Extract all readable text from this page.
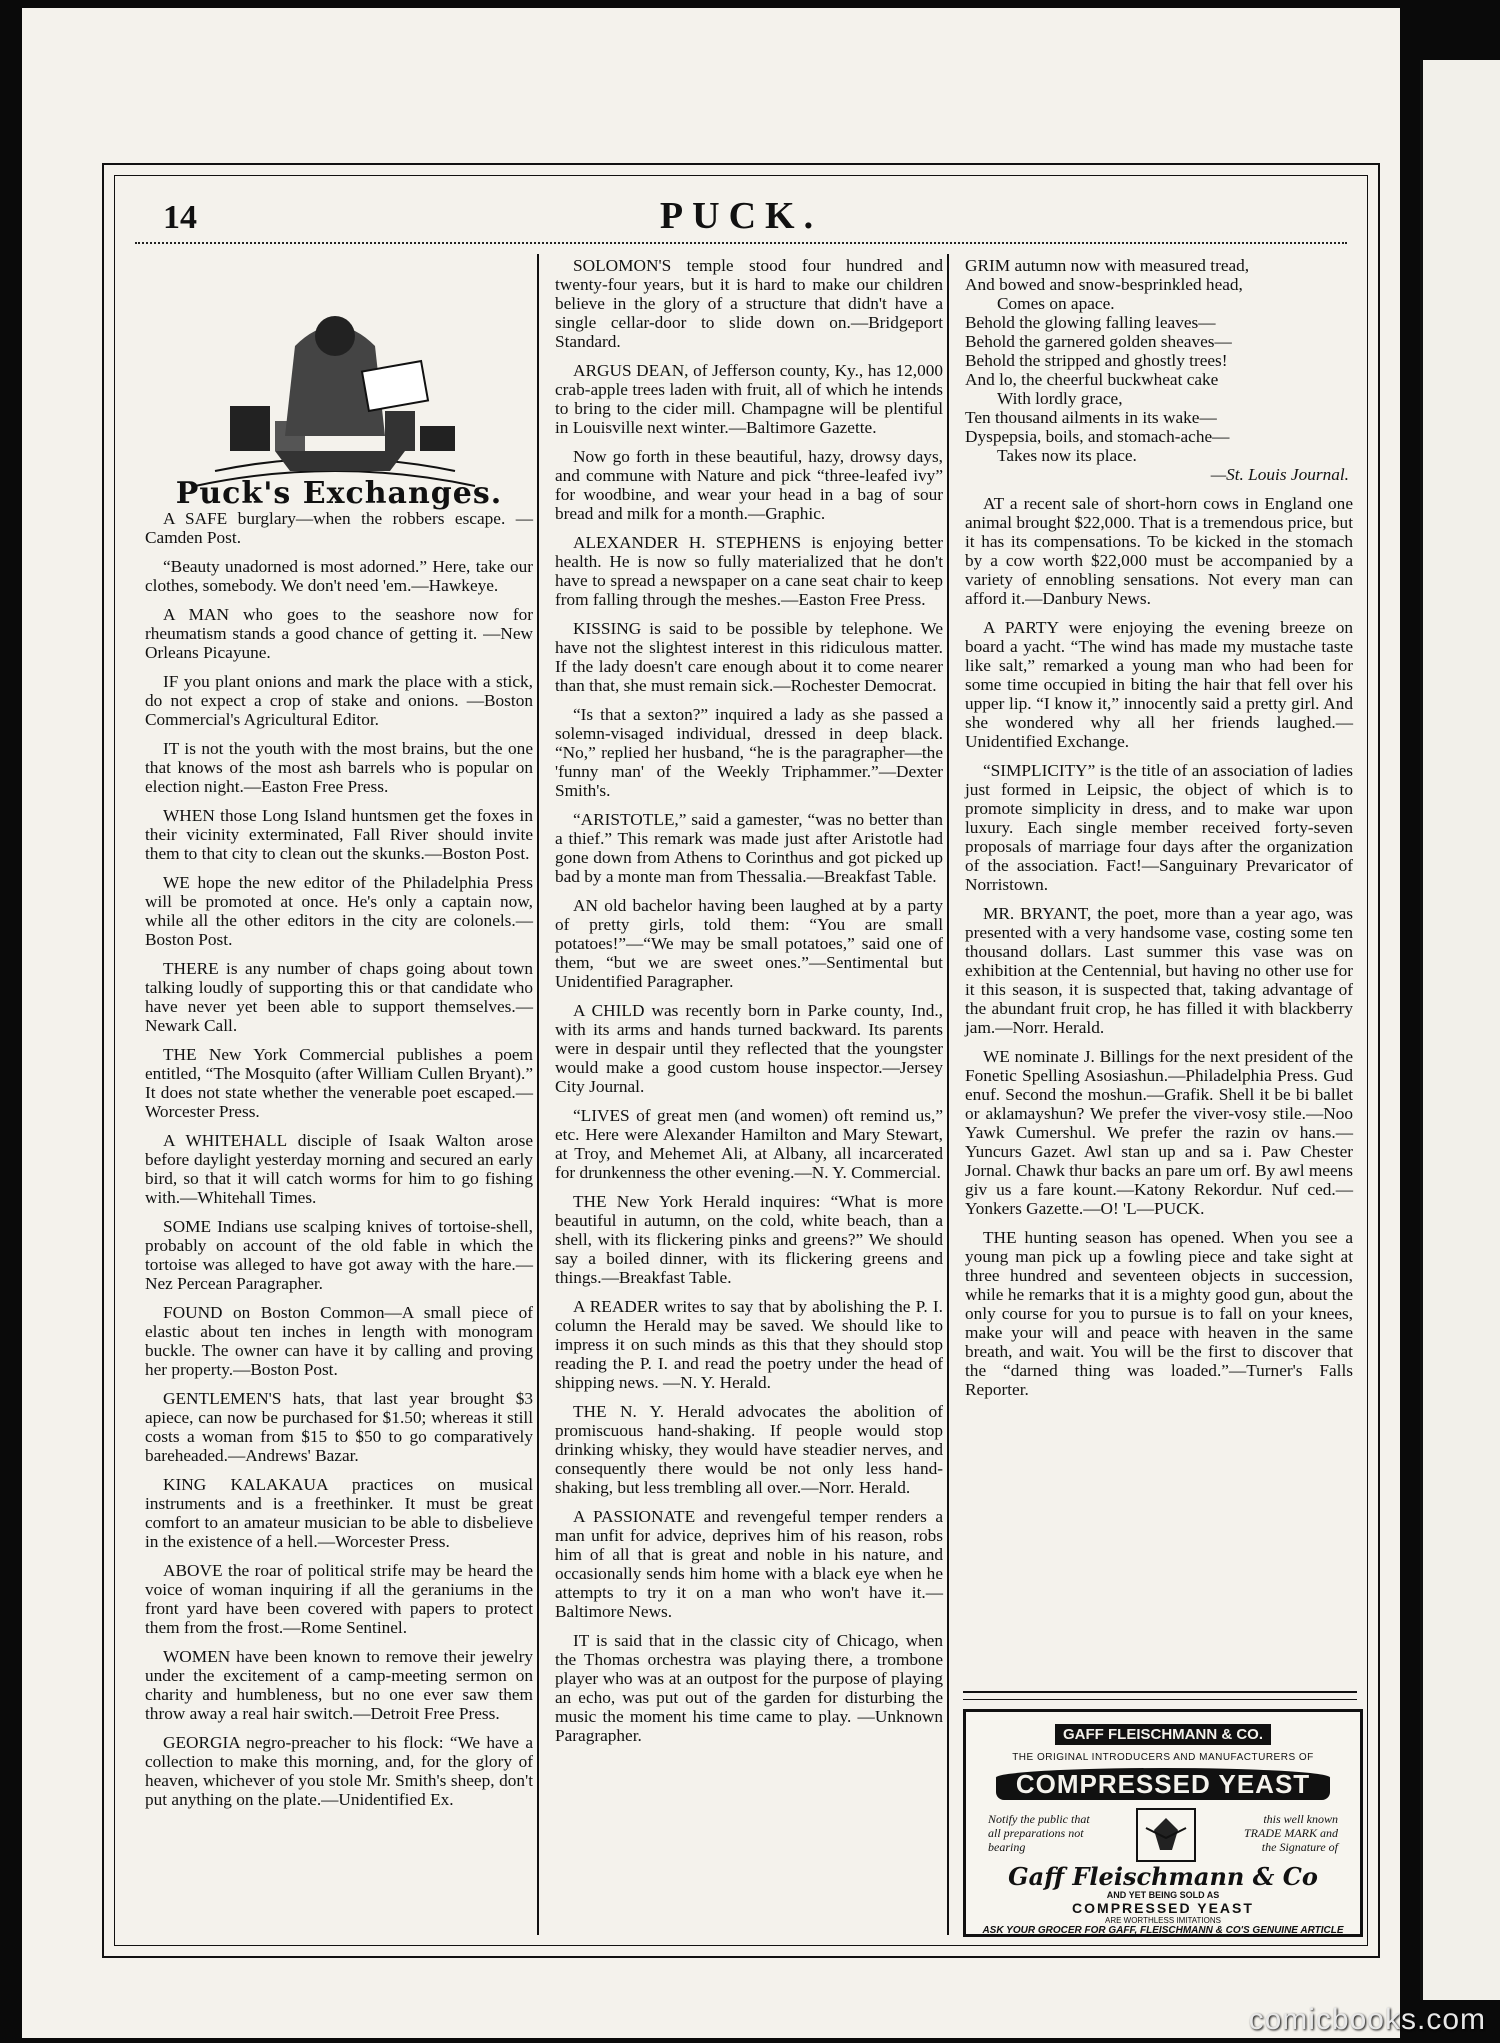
14	PUCK.
Puck's Exchanges.

A SAFE burglary—when the robbers escape. —Camden Post.

“Beauty unadorned is most adorned.” Here, take our clothes, somebody. We don't need 'em.—Hawkeye.

A MAN who goes to the seashore now for rheumatism stands a good chance of getting it. —New Orleans Picayune.

IF you plant onions and mark the place with a stick, do not expect a crop of stake and onions. —Boston Commercial's Agricultural Editor.

IT is not the youth with the most brains, but the one that knows of the most ash barrels who is popular on election night.—Easton Free Press.

WHEN those Long Island huntsmen get the foxes in their vicinity exterminated, Fall River should invite them to that city to clean out the skunks.—Boston Post.

WE hope the new editor of the Philadelphia Press will be promoted at once. He's only a captain now, while all the other editors in the city are colonels.—Boston Post.

THERE is any number of chaps going about town talking loudly of supporting this or that candidate who have never yet been able to support themselves.—Newark Call.

THE New York Commercial publishes a poem entitled, “The Mosquito (after William Cullen Bryant).” It does not state whether the venerable poet escaped.—Worcester Press.

A WHITEHALL disciple of Isaak Walton arose before daylight yesterday morning and secured an early bird, so that it will catch worms for him to go fishing with.—Whitehall Times.

SOME Indians use scalping knives of tortoise-shell, probably on account of the old fable in which the tortoise was alleged to have got away with the hare.—Nez Percean Paragrapher.

FOUND on Boston Common—A small piece of elastic about ten inches in length with monogram buckle. The owner can have it by calling and proving her property.—Boston Post.

GENTLEMEN'S hats, that last year brought $3 apiece, can now be purchased for $1.50; whereas it still costs a woman from $15 to $50 to go comparatively bareheaded.—Andrews' Bazar.

KING KALAKAUA practices on musical instruments and is a freethinker. It must be great comfort to an amateur musician to be able to disbelieve in the existence of a hell.—Worcester Press.

ABOVE the roar of political strife may be heard the voice of woman inquiring if all the geraniums in the front yard have been covered with papers to protect them from the frost.—Rome Sentinel.

WOMEN have been known to remove their jewelry under the excitement of a camp-meeting sermon on charity and humbleness, but no one ever saw them throw away a real hair switch.—Detroit Free Press.

GEORGIA negro-preacher to his flock: “We have a collection to make this morning, and, for the glory of heaven, whichever of you stole Mr. Smith's sheep, don't put anything on the plate.—Unidentified Ex.

SOLOMON'S temple stood four hundred and twenty-four years, but it is hard to make our children believe in the glory of a structure that didn't have a single cellar-door to slide down on.—Bridgeport Standard.

ARGUS DEAN, of Jefferson county, Ky., has 12,000 crab-apple trees laden with fruit, all of which he intends to bring to the cider mill. Champagne will be plentiful in Louisville next winter.—Baltimore Gazette.

Now go forth in these beautiful, hazy, drowsy days, and commune with Nature and pick “three-leafed ivy” for woodbine, and wear your head in a bag of sour bread and milk for a month.—Graphic.

ALEXANDER H. STEPHENS is enjoying better health. He is now so fully materialized that he don't have to spread a newspaper on a cane seat chair to keep from falling through the meshes.—Easton Free Press.

KISSING is said to be possible by telephone. We have not the slightest interest in this ridiculous matter. If the lady doesn't care enough about it to come nearer than that, she must remain sick.—Rochester Democrat.

“Is that a sexton?” inquired a lady as she passed a solemn-visaged individual, dressed in deep black. “No,” replied her husband, “he is the paragrapher—the 'funny man' of the Weekly Triphammer.”—Dexter Smith's.

“ARISTOTLE,” said a gamester, “was no better than a thief.” This remark was made just after Aristotle had gone down from Athens to Corinthus and got picked up bad by a monte man from Thessalia.—Breakfast Table.

AN old bachelor having been laughed at by a party of pretty girls, told them: “You are small potatoes!”—“We may be small potatoes,” said one of them, “but we are sweet ones.”—Sentimental but Unidentified Paragrapher.

A CHILD was recently born in Parke county, Ind., with its arms and hands turned backward. Its parents were in despair until they reflected that the youngster would make a good custom house inspector.—Jersey City Journal.

“LIVES of great men (and women) oft remind us,” etc. Here were Alexander Hamilton and Mary Stewart, at Troy, and Mehemet Ali, at Albany, all incarcerated for drunkenness the other evening.—N. Y. Commercial.

THE New York Herald inquires: “What is more beautiful in autumn, on the cold, white beach, than a shell, with its flickering pinks and greens?” We should say a boiled dinner, with its flickering greens and things.—Breakfast Table.

A READER writes to say that by abolishing the P. I. column the Herald may be saved. We should like to impress it on such minds as this that they should stop reading the P. I. and read the poetry under the head of shipping news. —N. Y. Herald.

THE N. Y. Herald advocates the abolition of promiscuous hand-shaking. If people would stop drinking whisky, they would have steadier nerves, and consequently there would be not only less hand-shaking, but less trembling all over.—Norr. Herald.

A PASSIONATE and revengeful temper renders a man unfit for advice, deprives him of his reason, robs him of all that is great and noble in his nature, and occasionally sends him home with a black eye when he attempts to try it on a man who won't have it.—Baltimore News.

IT is said that in the classic city of Chicago, when the Thomas orchestra was playing there, a trombone player who was at an outpost for the purpose of playing an echo, was put out of the garden for disturbing the music the moment his time came to play. —Unknown Paragrapher.

GRIM autumn now with measured tread,
And bowed and snow-besprinkled head,
Comes on apace.
Behold the glowing falling leaves—
Behold the garnered golden sheaves—
Behold the stripped and ghostly trees!
And lo, the cheerful buckwheat cake
With lordly grace,
Ten thousand ailments in its wake—
Dyspepsia, boils, and stomach-ache—
Takes now its place.
—St. Louis Journal.

AT a recent sale of short-horn cows in England one animal brought $22,000. That is a tremendous price, but it has its compensations. To be kicked in the stomach by a cow worth $22,000 must be accompanied by a variety of ennobling sensations. Not every man can afford it.—Danbury News.

A PARTY were enjoying the evening breeze on board a yacht. “The wind has made my mustache taste like salt,” remarked a young man who had been for some time occupied in biting the hair that fell over his upper lip. “I know it,” innocently said a pretty girl. And she wondered why all her friends laughed.—Unidentified Exchange.

“SIMPLICITY” is the title of an association of ladies just formed in Leipsic, the object of which is to promote simplicity in dress, and to make war upon luxury. Each single member received forty-seven proposals of marriage four days after the organization of the association. Fact!—Sanguinary Prevaricator of Norristown.

MR. BRYANT, the poet, more than a year ago, was presented with a very handsome vase, costing some ten thousand dollars. Last summer this vase was on exhibition at the Centennial, but having no other use for it this season, it is suspected that, taking advantage of the abundant fruit crop, he has filled it with blackberry jam.—Norr. Herald.

WE nominate J. Billings for the next president of the Fonetic Spelling Asosiashun.—Philadelphia Press. Gud enuf. Second the moshun.—Grafik. Shell it be bi ballet or aklamayshun? We prefer the viver-vosy stile.—Noo Yawk Cumershul. We prefer the razin ov hans.—Yuncurs Gazet. Awl stan up and sa i. Paw Chester Jornal. Chawk thur backs an pare um orf. By awl meens giv us a fare kount.—Katony Rekordur. Nuf ced.—Yonkers Gazette.—O! 'L—PUCK.

THE hunting season has opened. When you see a young man pick up a fowling piece and take sight at three hundred and seventeen objects in succession, while he remarks that it is a mighty good gun, about the only course for you to pursue is to fall on your knees, make your will and peace with heaven in the same breath, and wait. You will be the first to discover that the “darned thing was loaded.”—Turner's Falls Reporter.

GAFF FLEISCHMANN & CO.
THE ORIGINAL INTRODUCERS AND MANUFACTURERS OF
COMPRESSED YEAST
Notify the public that all preparations not bearing
this well known TRADE MARK and the Signature of
Gaff Fleischmann & Co
AND YET BEING SOLD AS
COMPRESSED YEAST
ARE WORTHLESS IMITATIONS
ASK YOUR GROCER FOR GAFF, FLEISCHMANN & CO'S GENUINE ARTICLE
comicbooks.com
